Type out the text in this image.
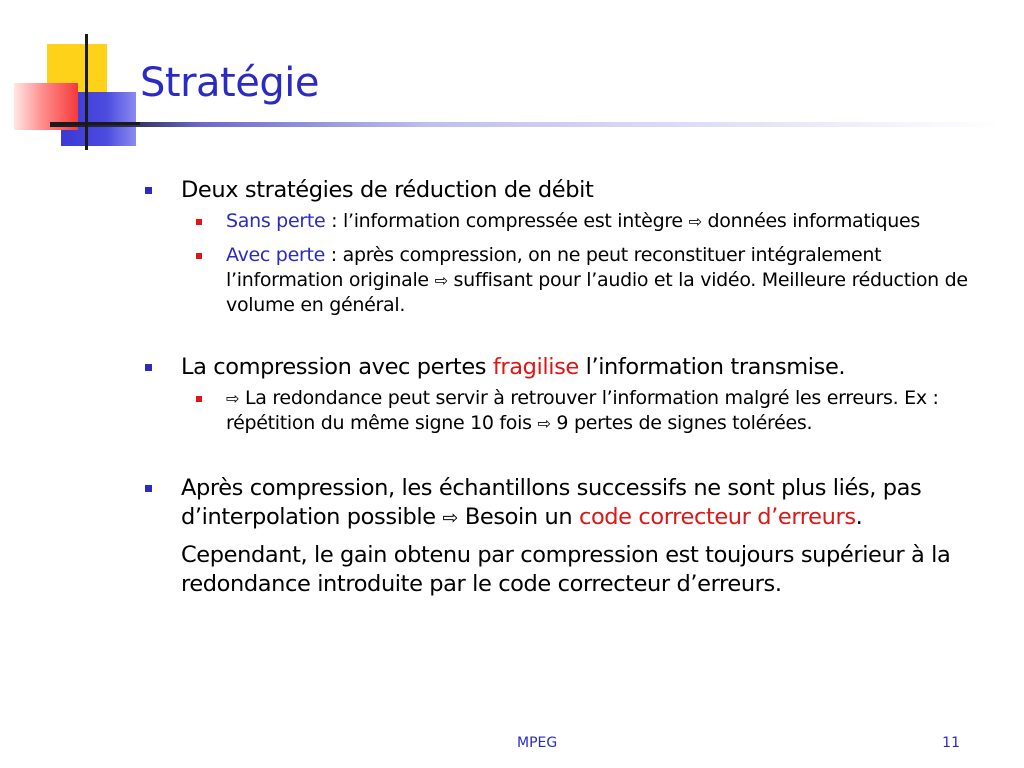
Stratégie
Deux stratégies de réduction de débit
Sans perte : l’information compressée est intègre ⇨ données informatiques
Avec perte : après compression, on ne peut reconstituer intégralement l’information originale ⇨ suffisant pour l’audio et la vidéo. Meilleure réduction de volume en général.
La compression avec pertes fragilise l’information transmise.
⇨ La redondance peut servir à retrouver l’information malgré les erreurs. Ex : répétition du même signe 10 fois ⇨ 9 pertes de signes tolérées.
Après compression, les échantillons successifs ne sont plus liés, pas d’interpolation possible ⇨ Besoin un code correcteur d’erreurs.
Cependant, le gain obtenu par compression est toujours supérieur à la redondance introduite par le code correcteur d’erreurs.
MPEG	11
